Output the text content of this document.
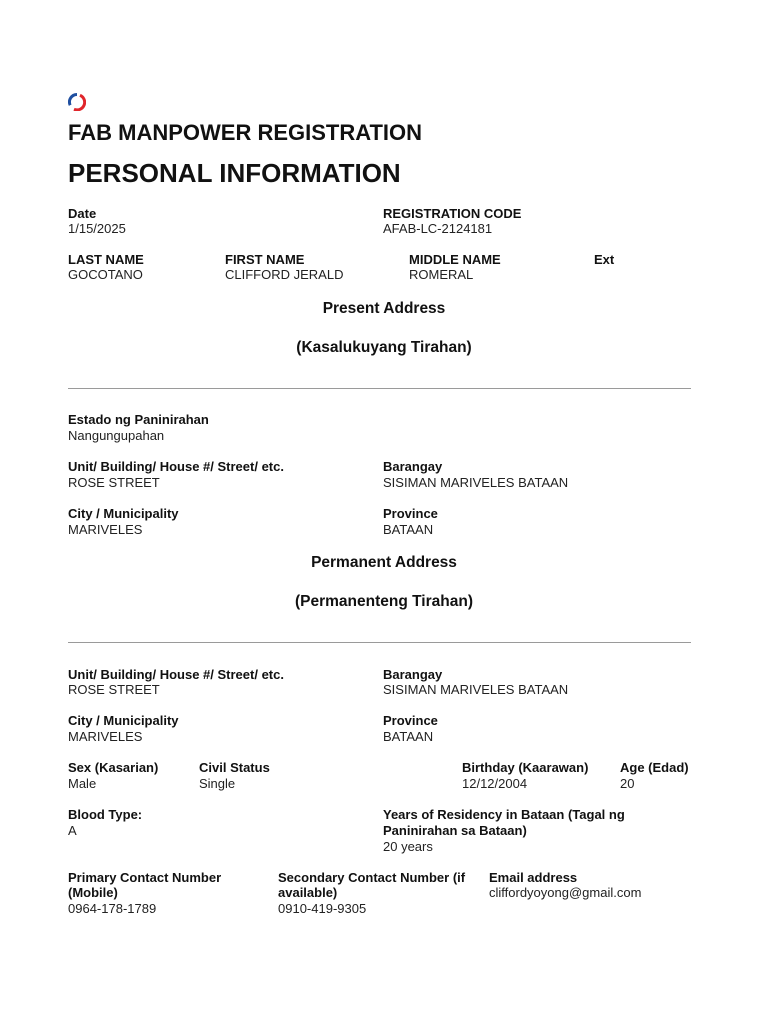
FAB MANPOWER REGISTRATION
PERSONAL INFORMATION
Date
1/15/2025
REGISTRATION CODE
AFAB-LC-2124181
LAST NAME
GOCOTANO
FIRST NAME
CLIFFORD JERALD
MIDDLE NAME
ROMERAL
Ext
Present Address
(Kasalukuyang Tirahan)
Estado ng Paninirahan
Nangungupahan
Unit/ Building/ House #/ Street/ etc.
ROSE STREET
Barangay
SISIMAN MARIVELES BATAAN
City / Municipality
MARIVELES
Province
BATAAN
Permanent Address
(Permanenteng Tirahan)
Unit/ Building/ House #/ Street/ etc.
ROSE STREET
Barangay
SISIMAN MARIVELES BATAAN
City / Municipality
MARIVELES
Province
BATAAN
Sex (Kasarian)
Male
Civil Status
Single
Birthday (Kaarawan)
12/12/2004
Age (Edad)
20
Blood Type:
A
Years of Residency in Bataan (Tagal ng
Paninirahan sa Bataan)
20 years
Primary Contact Number
(Mobile)
0964-178-1789
Secondary Contact Number (if
available)
0910-419-9305
Email address
cliffordyoyong@gmail.com
